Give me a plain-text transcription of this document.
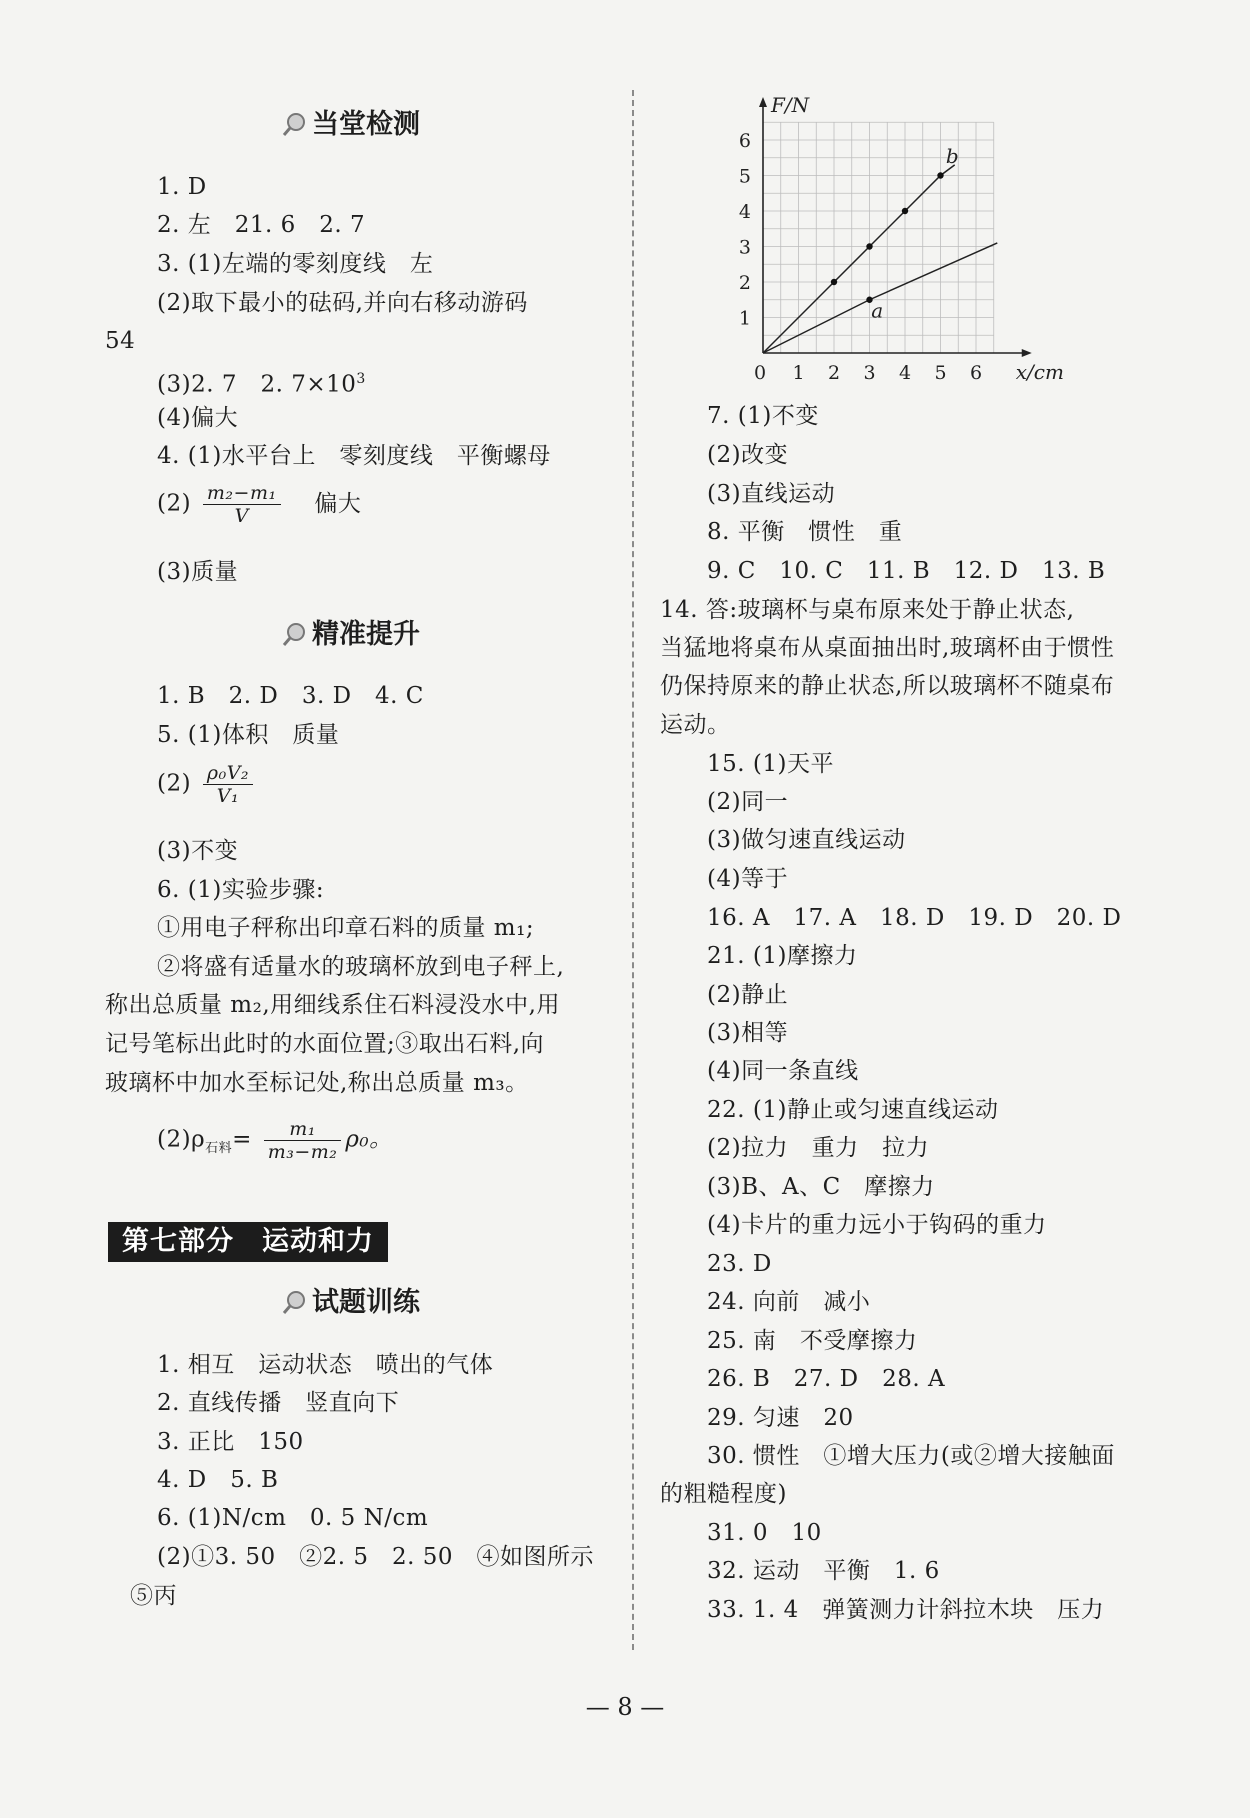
当堂检测
1. D
2. 左　21. 6　2. 7
3. (1)左端的零刻度线　左
(2)取下最小的砝码,并向右移动游码
54
(3)2. 7　2. $7\times 10^3$
(4)偏大
4. (1)水平台上　零刻度线　平衡螺母
$(2) \frac{\text{m₂−m₁}}{V}$ 偏大
(3)质量
精准提升
1. B　2. D　3. D　4. C
5. (1)体积　质量
$(2) \frac{\text{ρ₀V₂}}{\text{V₁}}$
(3)不变
6. (1)实验步骤:
①用电子秤称出印章石料的质量 m₁;
②将盛有适量水的玻璃杯放到电子秤上,
称出总质量 m₂,用细线系住石料浸没水中,用
记号笔标出此时的水面位置;③取出石料,向
玻璃杯中加水至标记处,称出总质量 m₃。
$(2)\rho_{石料}= \frac{\text{m₁}}{\text{m₃−m₂}} \rho_0$。
第七部分　运动和力
试题训练
1. 相互　运动状态　喷出的气体
2. 直线传播　竖直向下
3. 正比　150
4. D　5. B
6. (1)N/cm　0. 5 N/cm
(2)①3. 50　②2. 5　2. 50　④如图所示
⑤丙
0 1 2 3 4 5 6
1
2
3
4
5
6
x/cm
F/N
a
b
7. (1)不变
(2)改变
(3)直线运动
8. 平衡　惯性　重
9. C　10. C　11. B　12. D　13. B
14. 答:玻璃杯与桌布原来处于静止状态,
当猛地将桌布从桌面抽出时,玻璃杯由于惯性
仍保持原来的静止状态,所以玻璃杯不随桌布
运动。
15. (1)天平
(2)同一
(3)做匀速直线运动
(4)等于
16. A　17. A　18. D　19. D　20. D
21. (1)摩擦力
(2)静止
(3)相等
(4)同一条直线
22. (1)静止或匀速直线运动
(2)拉力　重力　拉力
(3)B、A、C　摩擦力
(4)卡片的重力远小于钩码的重力
23. D
24. 向前　减小
25. 南　不受摩擦力
26. B　27. D　28. A
29. 匀速　20
30. 惯性　①增大压力(或②增大接触面
的粗糙程度)
31. 0　10
32. 运动　平衡　1. 6
33. 1. 4　弹簧测力计斜拉木块　压力
— 8 —
